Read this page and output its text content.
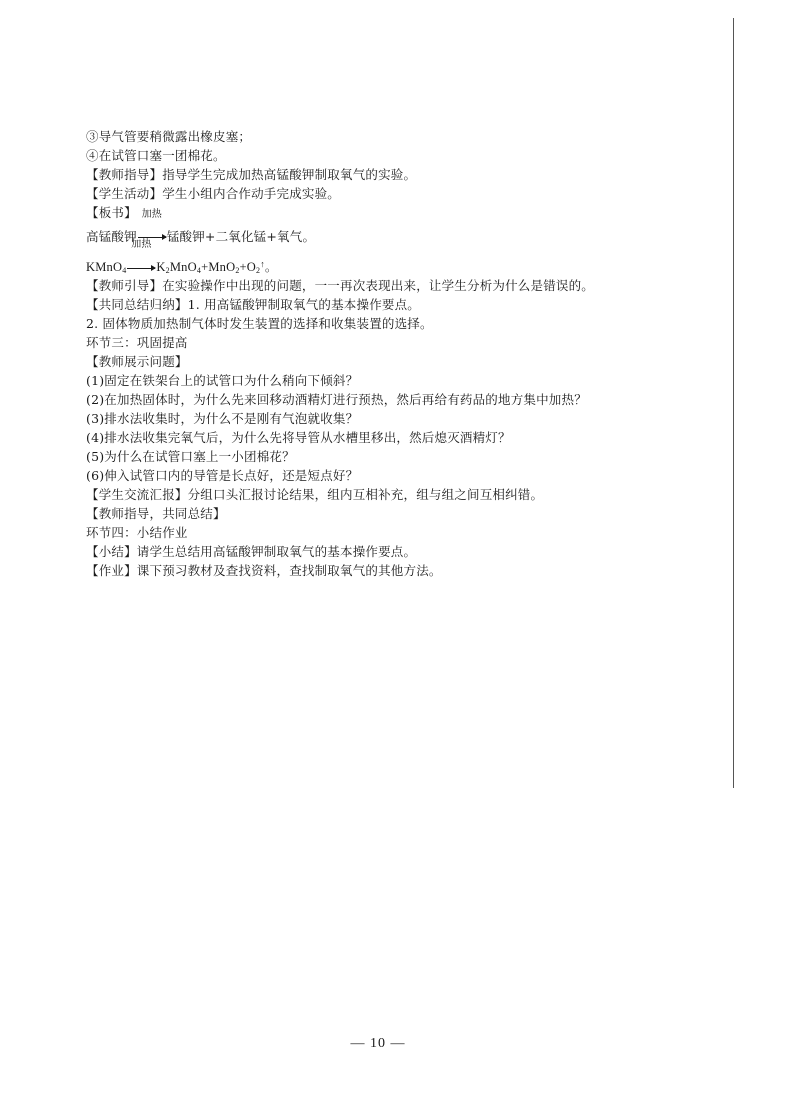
③导气管要稍微露出橡皮塞；
④在试管口塞一团棉花。
【教师指导】指导学生完成加热高锰酸钾制取氧气的实验。
【学生活动】学生小组内合作动手完成实验。
【板书】
高锰酸钾
加热
锰酸钾+二氧化锰+氧气。
KMnO$_4$
加热
$K_2MnO_4+MnO_2+O_2^↑$。
【教师引导】在实验操作中出现的问题，一一再次表现出来，让学生分析为什么是错误的。
【共同总结归纳】1. 用高锰酸钾制取氧气的基本操作要点。
2. 固体物质加热制气体时发生装置的选择和收集装置的选择。
环节三：巩固提高
【教师展示问题】
(1)固定在铁架台上的试管口为什么稍向下倾斜？
(2)在加热固体时，为什么先来回移动酒精灯进行预热，然后再给有药品的地方集中加热？
(3)排水法收集时，为什么不是刚有气泡就收集？
(4)排水法收集完氧气后，为什么先将导管从水槽里移出，然后熄灭酒精灯？
(5)为什么在试管口塞上一小团棉花？
(6)伸入试管口内的导管是长点好，还是短点好？
【学生交流汇报】分组口头汇报讨论结果，组内互相补充，组与组之间互相纠错。
【教师指导，共同总结】
环节四：小结作业
【小结】请学生总结用高锰酸钾制取氧气的基本操作要点。
【作业】课下预习教材及查找资料，查找制取氧气的其他方法。
— 10 —
